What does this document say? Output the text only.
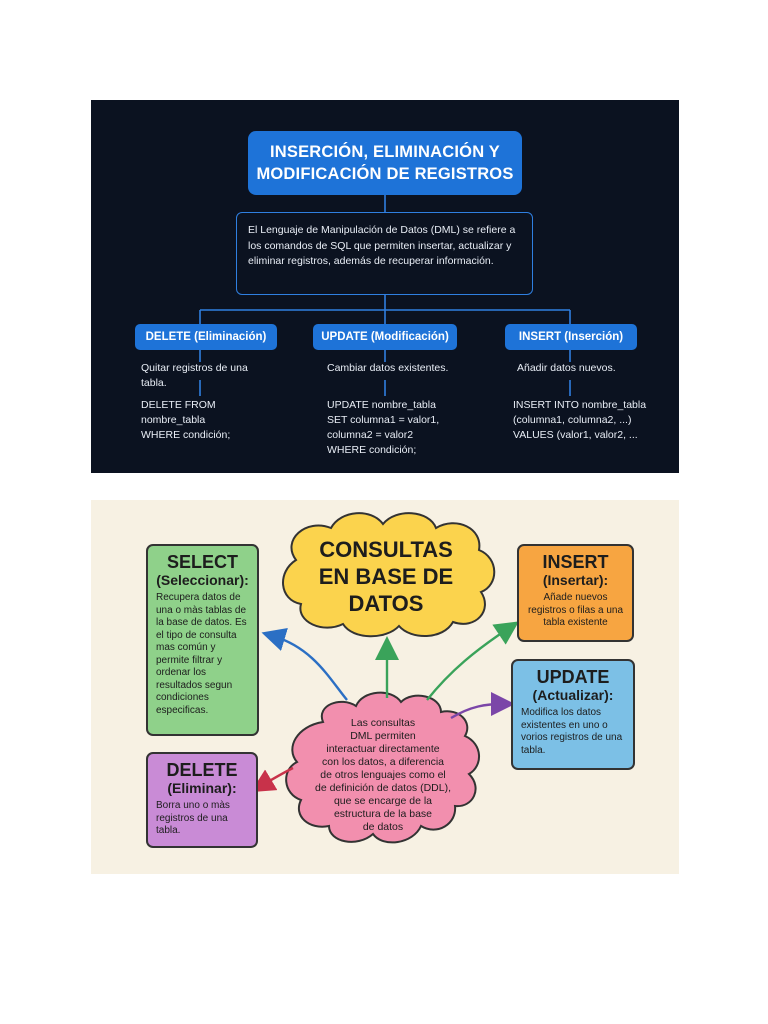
INSERCIÓN, ELIMINACIÓN Y MODIFICACIÓN DE REGISTROS
El Lenguaje de Manipulación de Datos (DML) se refiere a los comandos de SQL que permiten insertar, actualizar y eliminar registros, además de recuperar información.
DELETE (Eliminación)	UPDATE (Modificación)	INSERT (Inserción)
Quitar registros de una
tabla.
Cambiar datos existentes.	Añadir datos nuevos.
DELETE FROM
nombre_tabla
WHERE condición;
UPDATE nombre_tabla
SET columna1 = valor1,
columna2 = valor2
WHERE condición;
INSERT INTO nombre_tabla
(columna1, columna2, ...)
VALUES (valor1, valor2, ...
CONSULTAS
EN BASE DE
DATOS
Las consultas
DML permiten
interactuar directamente
con los datos, a diferencia
de otros lenguajes como el
de definición de datos (DDL),
que se encarge de la
estructura de la base
de datos
SELECT
(Seleccionar):
Recupera datos de una o màs tablas de la base de datos. Es el tipo de consulta mas común y permite filtrar y ordenar los resultados segun condiciones especificas.
INSERT
(Insertar):
Añade nuevos registros o filas a una tabla existente
UPDATE
(Actualizar):
Modifica los datos existentes en uno o vorios registros de una tabla.
DELETE
(Eliminar):
Borra uno o màs registros de una tabla.
